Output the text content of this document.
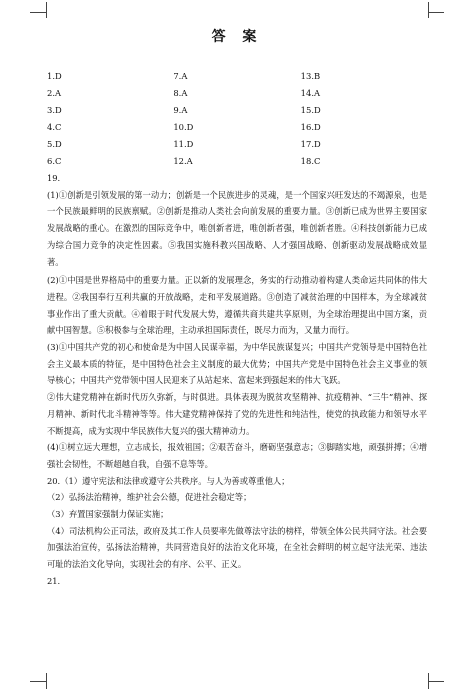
答 案
1.D	7.A	13.B
2.A	8.A	14.A
3.D	9.A	15.D
4.C	10.D	16.D
5.D	11.D	17.D
6.C	12.A	18.C

19.

(1)①创新是引领发展的第一动力；创新是一个民族进步的灵魂，是一个国家兴旺发达的不竭源泉，也是一个民族最鲜明的民族禀赋。②创新是推动人类社会向前发展的重要力量。③创新已成为世界主要国家发展战略的重心。在激烈的国际竞争中，唯创新者进，唯创新者强，唯创新者胜。④科技创新能力已成为综合国力竞争的决定性因素。⑤我国实施科教兴国战略、人才强国战略、创新驱动发展战略成效显著。

(2)①中国是世界格局中的重要力量。正以新的发展理念，务实的行动推动着构建人类命运共同体的伟大进程。②我国奉行互利共赢的开放战略，走和平发展道路。③创造了减贫治理的中国样本，为全球减贫事业作出了重大贡献。④着眼于时代发展大势，遵循共商共建共享原则，为全球治理提出中国方案，贡献中国智慧。⑤积极参与全球治理，主动承担国际责任，既尽力而为，又量力而行。

(3)①中国共产党的初心和使命是为中国人民谋幸福，为中华民族谋复兴；中国共产党领导是中国特色社会主义最本质的特征，是中国特色社会主义制度的最大优势；中国共产党是中国特色社会主义事业的领导核心；中国共产党带领中国人民迎来了从站起来、富起来到强起来的伟大飞跃。

②伟大建党精神在新时代历久弥新，与时俱进。具体表现为脱贫攻坚精神、抗疫精神、“三牛”精神、探月精神、新时代北斗精神等等。伟大建党精神保持了党的先进性和纯洁性，使党的执政能力和领导水平不断提高，成为实现中华民族伟大复兴的强大精神动力。

(4)①树立远大理想，立志成长，报效祖国；②艰苦奋斗，磨砺坚强意志；③脚踏实地，顽强拼搏；④增强社会韧性，不断超越自我，自强不息等等。

20.（1）遵守宪法和法律或遵守公共秩序。与人为善或尊重他人；

（2）弘扬法治精神，维护社会公德，促进社会稳定等；

（3）弃置国家强制力保证实施；

（4）司法机构公正司法，政府及其工作人员要率先做尊法守法的榜样，带领全体公民共同守法。社会要加强法治宣传，弘扬法治精神，共同营造良好的法治文化环境，在全社会鲜明的树立起守法光荣、违法可耻的法治文化导向，实现社会的有序、公平、正义。

21.
